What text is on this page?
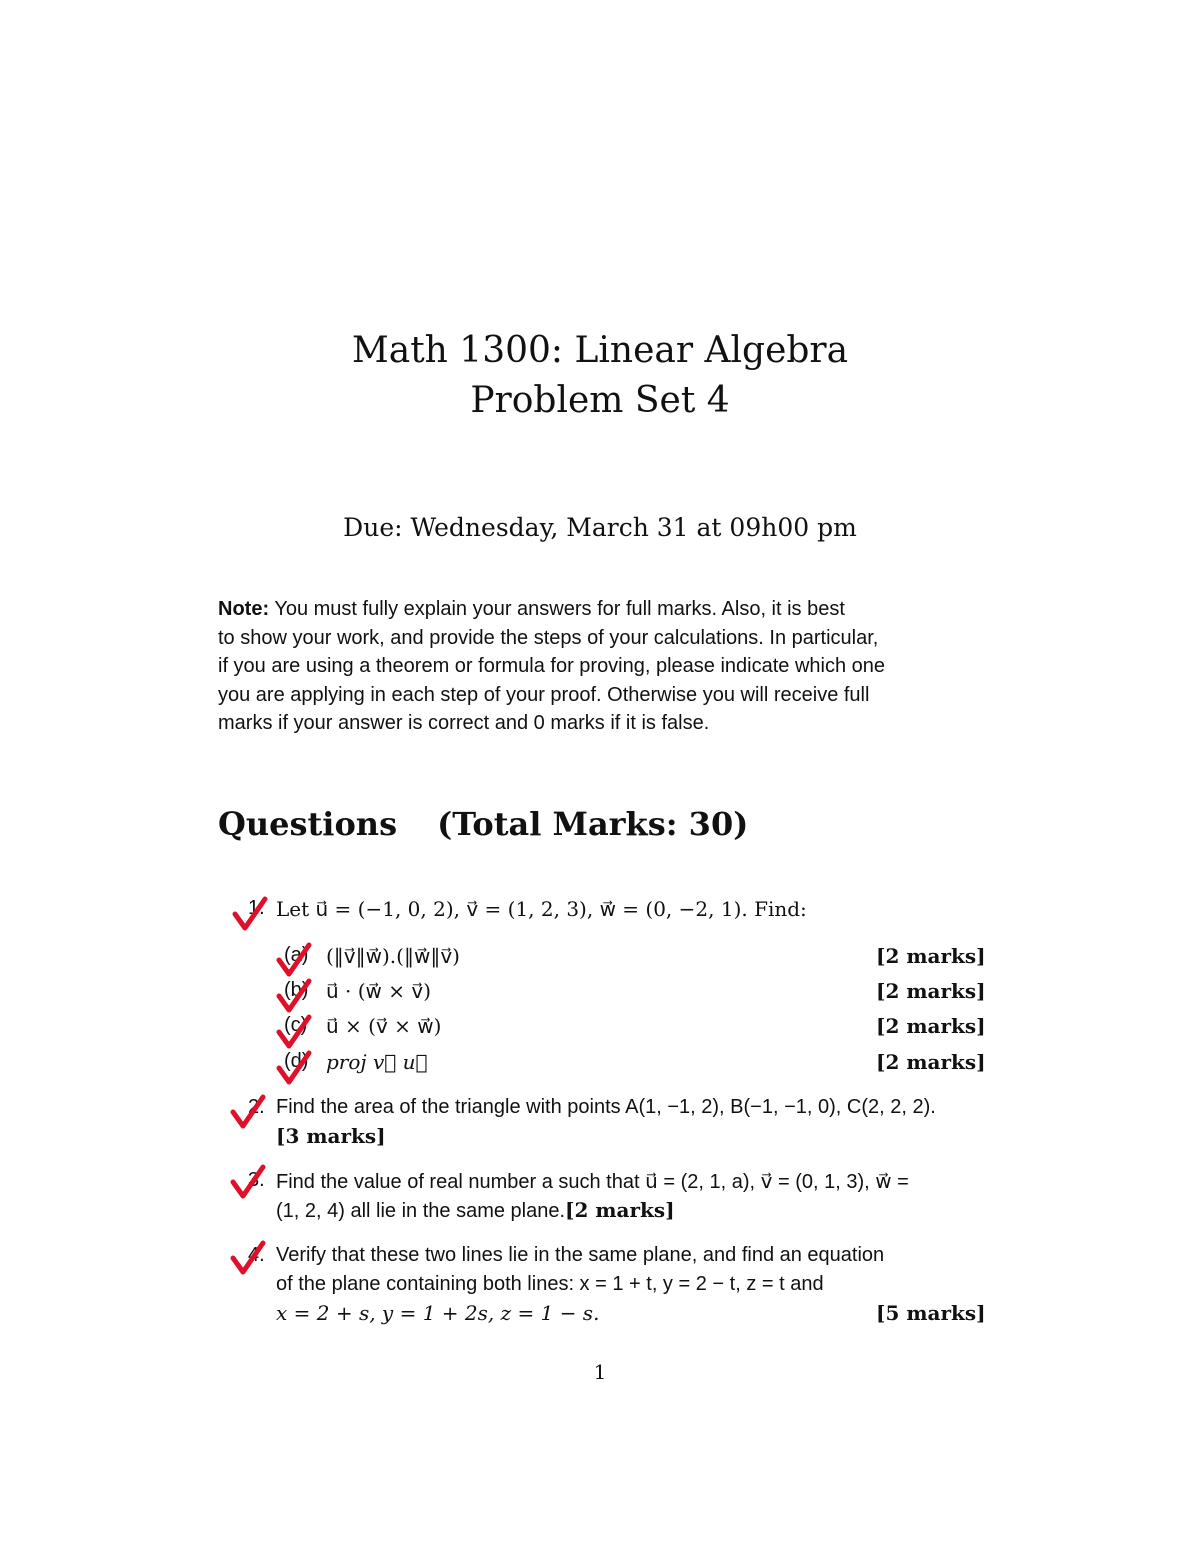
Math 1300: Linear Algebra
Problem Set 4
Due: Wednesday, March 31 at 09h00 pm
Note: You must fully explain your answers for full marks. Also, it is best
to show your work, and provide the steps of your calculations. In particular,
if you are using a theorem or formula for proving, please indicate which one
you are applying in each step of your proof. Otherwise you will receive full
marks if your answer is correct and 0 marks if it is false.
Questions (Total Marks: 30)
1. Let u⃗ = (−1, 0, 2), v⃗ = (1, 2, 3), w⃗ = (0, −2, 1). Find:
(a) (‖v⃗‖w⃗).(‖w⃗‖v⃗)	[2 marks]
(b) u⃗ · (w⃗ × v⃗)	[2 marks]
(c) u⃗ × (v⃗ × w⃗)	[2 marks]
(d) proj v⃗ u⃗	[2 marks]
2. Find the area of the triangle with points A(1, −1, 2), B(−1, −1, 0), C(2, 2, 2).
[3 marks]
3. Find the value of real number a such that u⃗ = (2, 1, a), v⃗ = (0, 1, 3), w⃗ =
(1, 2, 4) all lie in the same plane.[2 marks]
4. Verify that these two lines lie in the same plane, and find an equation
of the plane containing both lines: x = 1 + t, y = 2 − t, z = t and
x = 2 + s, y = 1 + 2s, z = 1 − s.	[5 marks]
1
